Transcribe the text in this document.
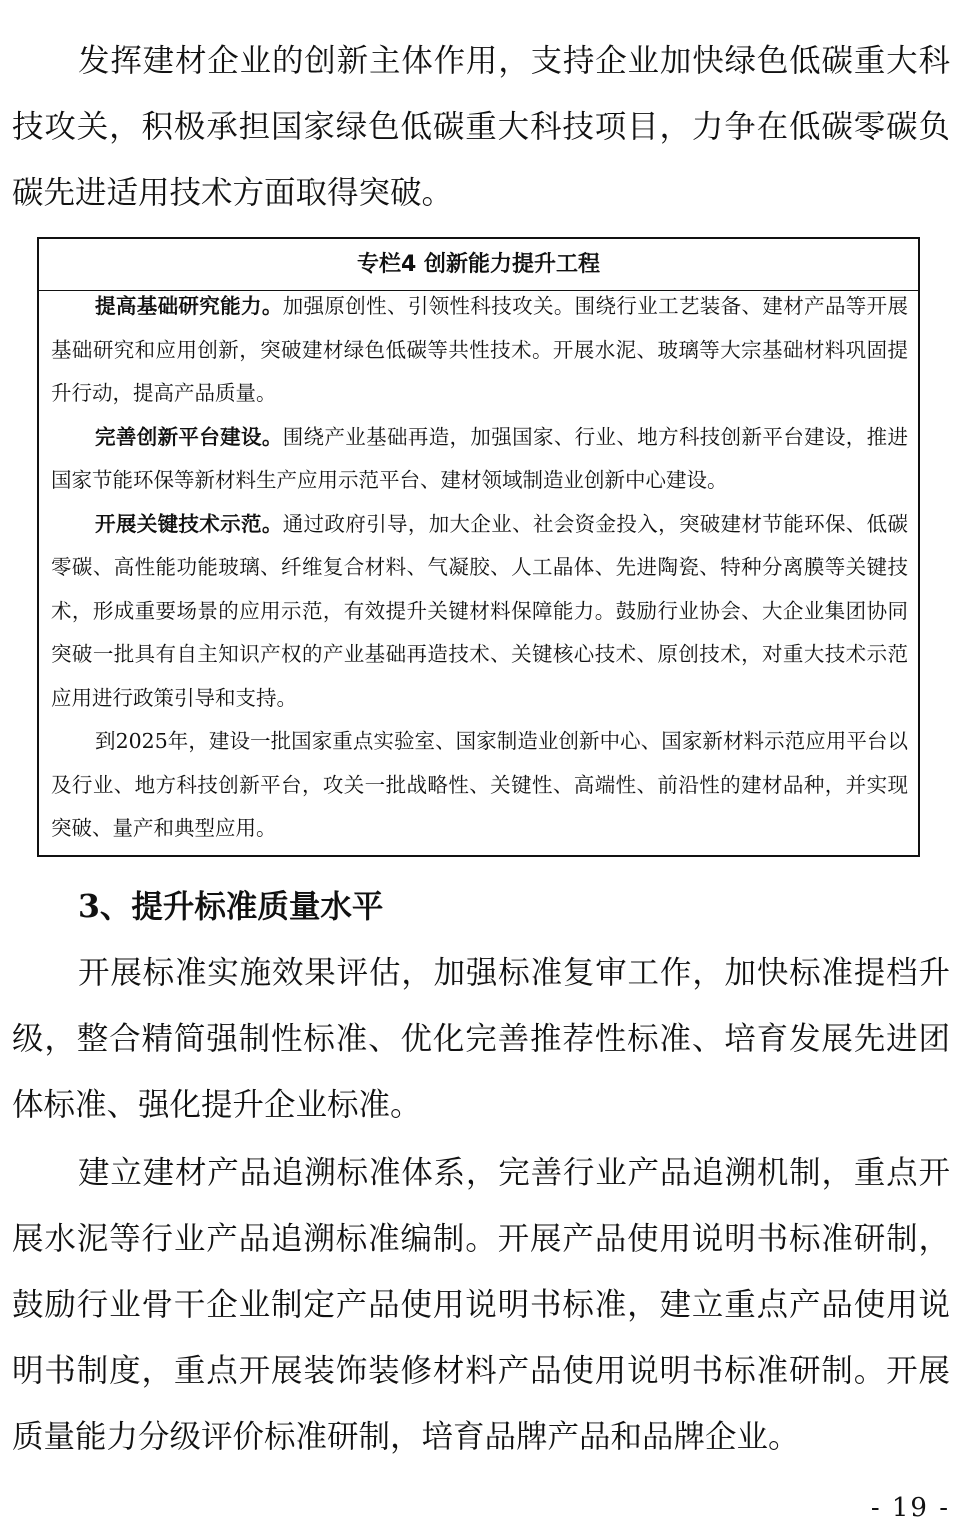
发挥建材企业的创新主体作用，支持企业加快绿色低碳重大科技攻关，积极承担国家绿色低碳重大科技项目，力争在低碳零碳负碳先进适用技术方面取得突破。

专栏4 创新能力提升工程

提高基础研究能力。加强原创性、引领性科技攻关。围绕行业工艺装备、建材产品等开展基础研究和应用创新，突破建材绿色低碳等共性技术。开展水泥、玻璃等大宗基础材料巩固提升行动，提高产品质量。

完善创新平台建设。围绕产业基础再造，加强国家、行业、地方科技创新平台建设，推进国家节能环保等新材料生产应用示范平台、建材领域制造业创新中心建设。

开展关键技术示范。通过政府引导，加大企业、社会资金投入，突破建材节能环保、低碳零碳、高性能功能玻璃、纤维复合材料、气凝胶、人工晶体、先进陶瓷、特种分离膜等关键技术，形成重要场景的应用示范，有效提升关键材料保障能力。鼓励行业协会、大企业集团协同突破一批具有自主知识产权的产业基础再造技术、关键核心技术、原创技术，对重大技术示范应用进行政策引导和支持。

到2025年，建设一批国家重点实验室、国家制造业创新中心、国家新材料示范应用平台以及行业、地方科技创新平台，攻关一批战略性、关键性、高端性、前沿性的建材品种，并实现突破、量产和典型应用。

3、提升标准质量水平

开展标准实施效果评估，加强标准复审工作，加快标准提档升级，整合精简强制性标准、优化完善推荐性标准、培育发展先进团体标准、强化提升企业标准。

建立建材产品追溯标准体系，完善行业产品追溯机制，重点开展水泥等行业产品追溯标准编制。开展产品使用说明书标准研制，鼓励行业骨干企业制定产品使用说明书标准，建立重点产品使用说明书制度，重点开展装饰装修材料产品使用说明书标准研制。开展质量能力分级评价标准研制，培育品牌产品和品牌企业。

- 19 -
